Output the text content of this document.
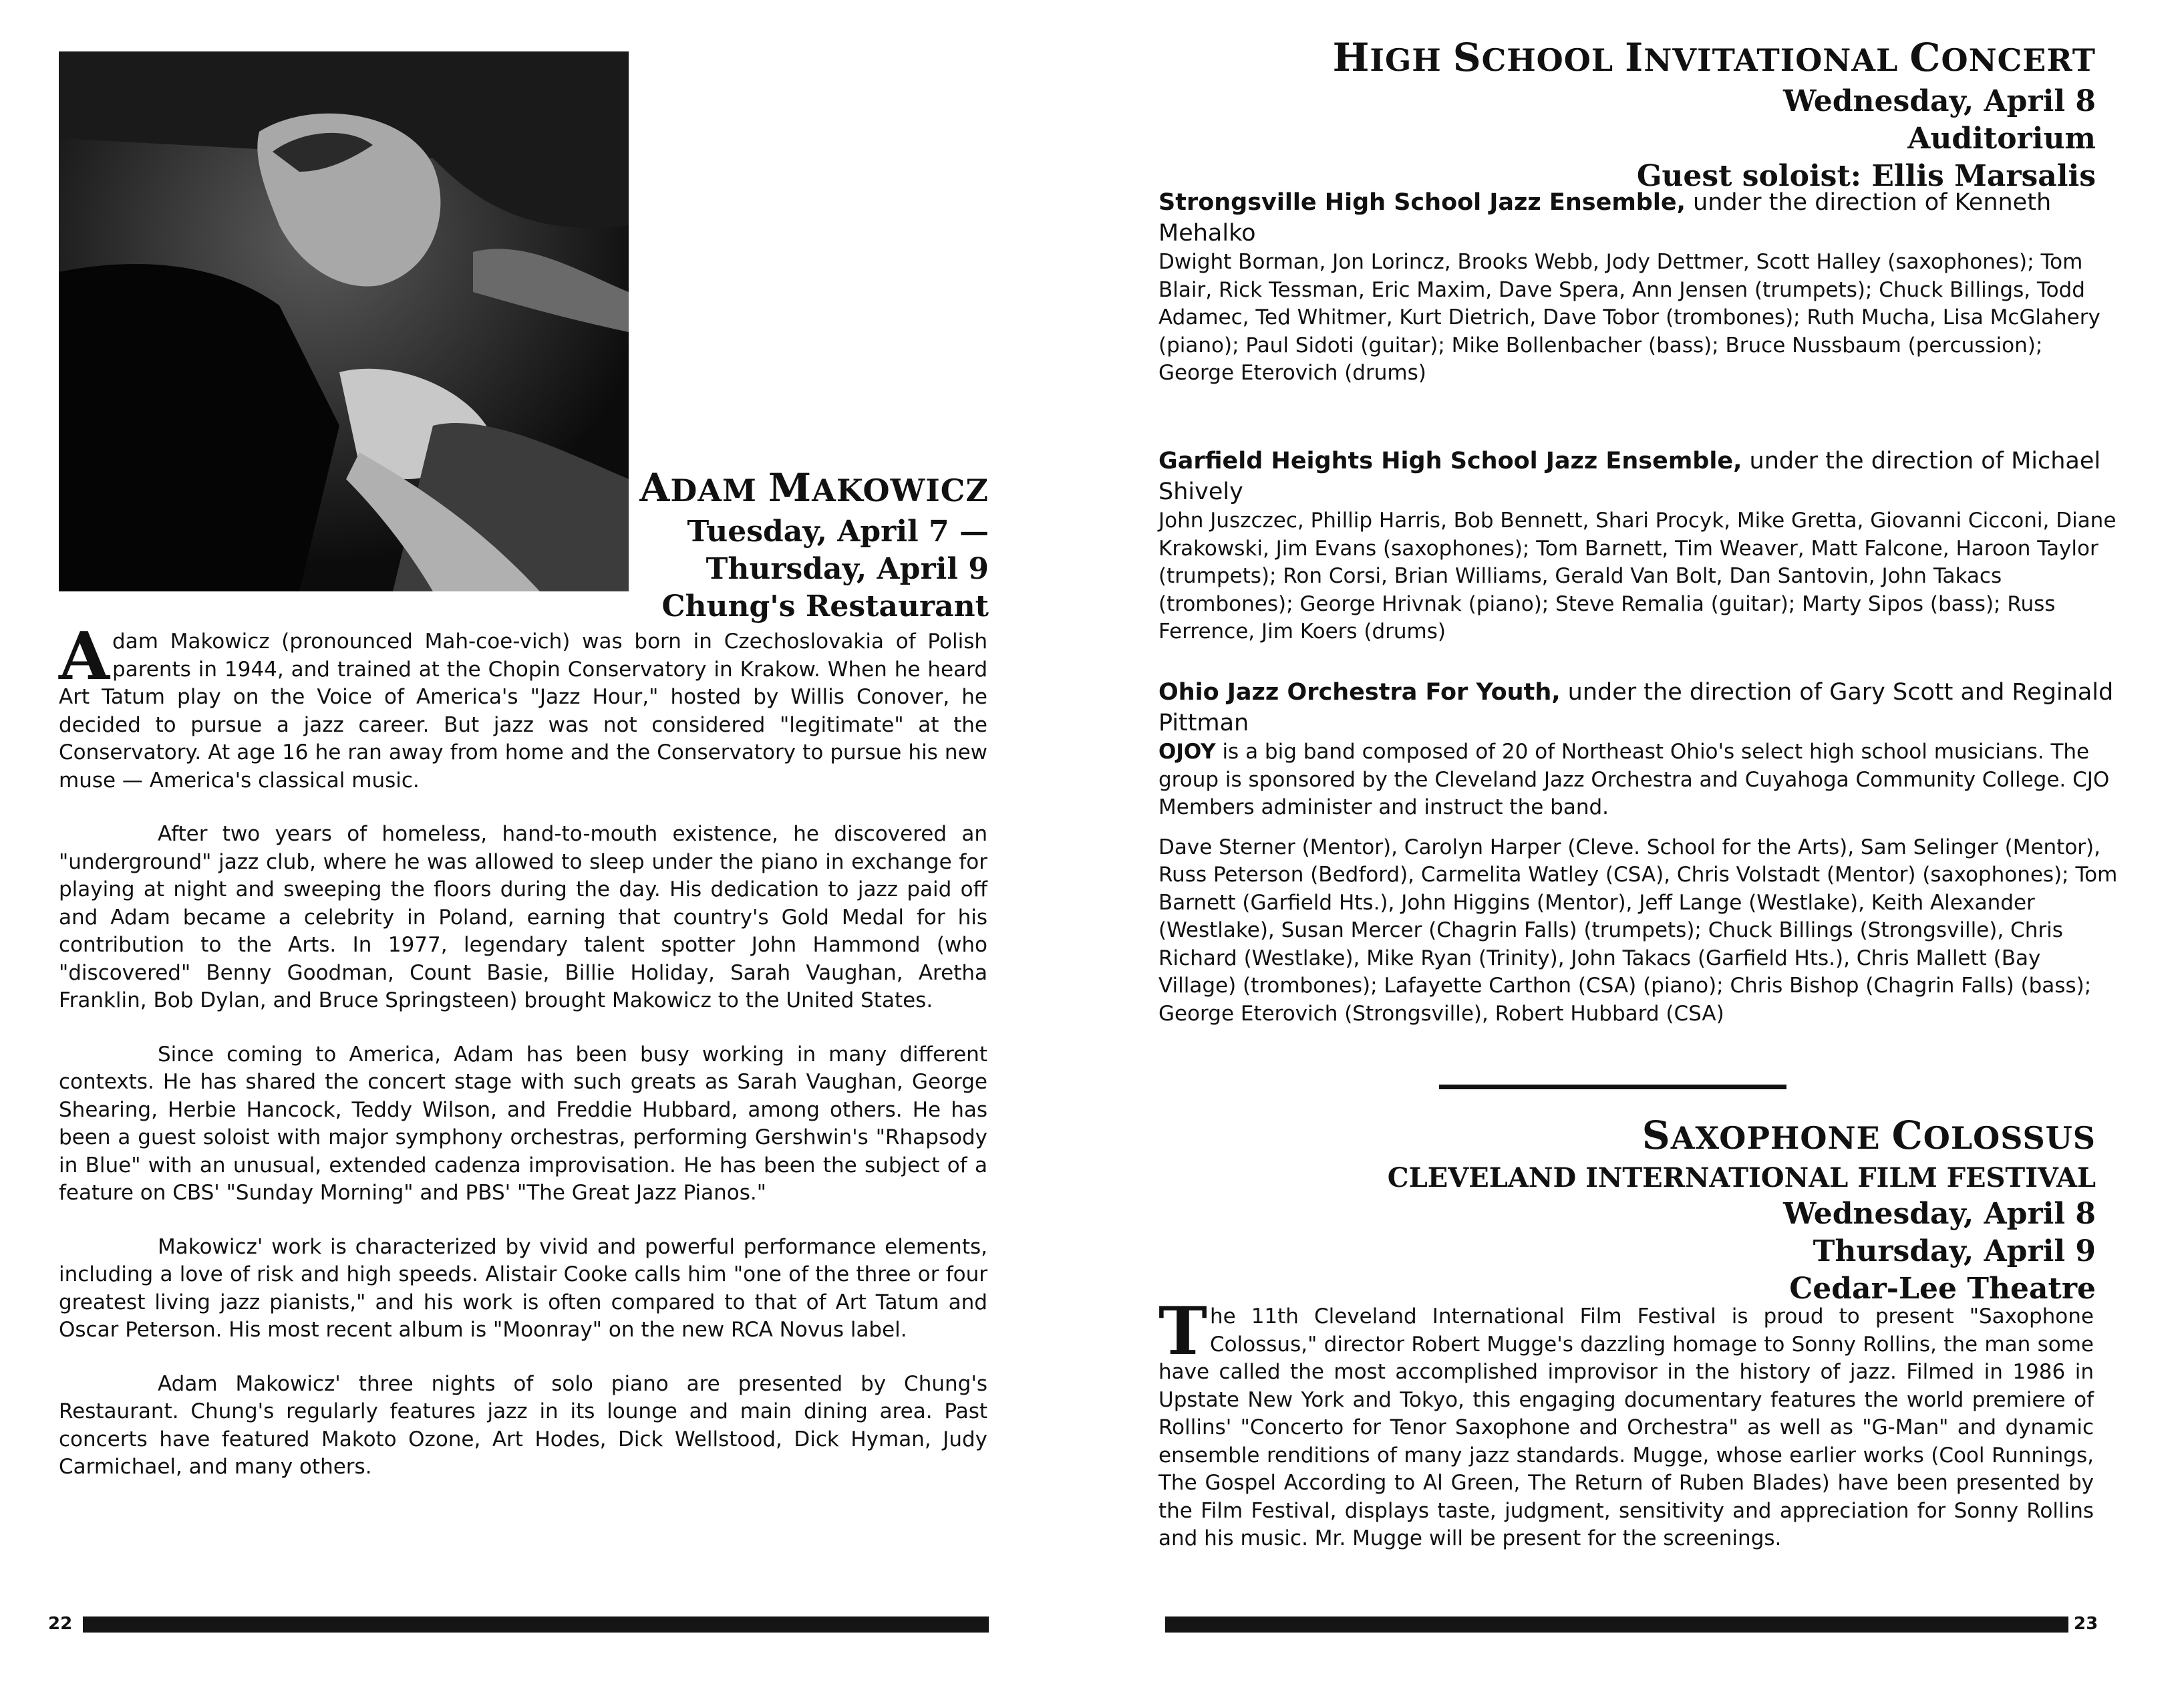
ADAM MAKOWICZ
Tuesday, April 7 —
Thursday, April 9
Chung's Restaurant

Adam Makowicz (pronounced Mah-coe-vich) was born in Czechoslovakia of Polish parents in 1944, and trained at the Chopin Conservatory in Krakow. When he heard Art Tatum play on the Voice of America's "Jazz Hour," hosted by Willis Conover, he decided to pursue a jazz career. But jazz was not considered "legitimate" at the Conservatory. At age 16 he ran away from home and the Conservatory to pursue his new muse — America's classical music.

After two years of homeless, hand-to-mouth existence, he discovered an "underground" jazz club, where he was allowed to sleep under the piano in exchange for playing at night and sweeping the floors during the day. His dedication to jazz paid off and Adam became a celebrity in Poland, earning that country's Gold Medal for his contribution to the Arts. In 1977, legendary talent spotter John Hammond (who "discovered" Benny Goodman, Count Basie, Billie Holiday, Sarah Vaughan, Aretha Franklin, Bob Dylan, and Bruce Springsteen) brought Makowicz to the United States.

Since coming to America, Adam has been busy working in many different contexts. He has shared the concert stage with such greats as Sarah Vaughan, George Shearing, Herbie Hancock, Teddy Wilson, and Freddie Hubbard, among others. He has been a guest soloist with major symphony orchestras, performing Gershwin's "Rhapsody in Blue" with an unusual, extended cadenza improvisation. He has been the subject of a feature on CBS' "Sunday Morning" and PBS' "The Great Jazz Pianos."

Makowicz' work is characterized by vivid and powerful performance elements, including a love of risk and high speeds. Alistair Cooke calls him "one of the three or four greatest living jazz pianists," and his work is often compared to that of Art Tatum and Oscar Peterson. His most recent album is "Moonray" on the new RCA Novus label.

Adam Makowicz' three nights of solo piano are presented by Chung's Restaurant. Chung's regularly features jazz in its lounge and main dining area. Past concerts have featured Makoto Ozone, Art Hodes, Dick Wellstood, Dick Hyman, Judy Carmichael, and many others.

22
HIGH SCHOOL INVITATIONAL CONCERT
Wednesday, April 8
Auditorium
Guest soloist: Ellis Marsalis

Strongsville High School Jazz Ensemble, under the direction of Kenneth Mehalko

Dwight Borman, Jon Lorincz, Brooks Webb, Jody Dettmer, Scott Halley (saxophones); Tom Blair, Rick Tessman, Eric Maxim, Dave Spera, Ann Jensen (trumpets); Chuck Billings, Todd Adamec, Ted Whitmer, Kurt Dietrich, Dave Tobor (trombones); Ruth Mucha, Lisa McGlahery (piano); Paul Sidoti (guitar); Mike Bollenbacher (bass); Bruce Nussbaum (percussion); George Eterovich (drums)

Garfield Heights High School Jazz Ensemble, under the direction of Michael Shively

John Juszczec, Phillip Harris, Bob Bennett, Shari Procyk, Mike Gretta, Giovanni Cicconi, Diane Krakowski, Jim Evans (saxophones); Tom Barnett, Tim Weaver, Matt Falcone, Haroon Taylor (trumpets); Ron Corsi, Brian Williams, Gerald Van Bolt, Dan Santovin, John Takacs (trombones); George Hrivnak (piano); Steve Remalia (guitar); Marty Sipos (bass); Russ Ferrence, Jim Koers (drums)

Ohio Jazz Orchestra For Youth, under the direction of Gary Scott and Reginald Pittman

OJOY is a big band composed of 20 of Northeast Ohio's select high school musicians. The group is sponsored by the Cleveland Jazz Orchestra and Cuyahoga Community College. CJO Members administer and instruct the band.

Dave Sterner (Mentor), Carolyn Harper (Cleve. School for the Arts), Sam Selinger (Mentor), Russ Peterson (Bedford), Carmelita Watley (CSA), Chris Volstadt (Mentor) (saxophones); Tom Barnett (Garfield Hts.), John Higgins (Mentor), Jeff Lange (Westlake), Keith Alexander (Westlake), Susan Mercer (Chagrin Falls) (trumpets); Chuck Billings (Strongsville), Chris Richard (Westlake), Mike Ryan (Trinity), John Takacs (Garfield Hts.), Chris Mallett (Bay Village) (trombones); Lafayette Carthon (CSA) (piano); Chris Bishop (Chagrin Falls) (bass); George Eterovich (Strongsville), Robert Hubbard (CSA)

SAXOPHONE COLOSSUS
CLEVELAND INTERNATIONAL FILM FESTIVAL
Wednesday, April 8
Thursday, April 9
Cedar-Lee Theatre

The 11th Cleveland International Film Festival is proud to present "Saxophone Colossus," director Robert Mugge's dazzling homage to Sonny Rollins, the man some have called the most accomplished improvisor in the history of jazz. Filmed in 1986 in Upstate New York and Tokyo, this engaging documentary features the world premiere of Rollins' "Concerto for Tenor Saxophone and Orchestra" as well as "G-Man" and dynamic ensemble renditions of many jazz standards. Mugge, whose earlier works (Cool Runnings, The Gospel According to Al Green, The Return of Ruben Blades) have been presented by the Film Festival, displays taste, judgment, sensitivity and appreciation for Sonny Rollins and his music. Mr. Mugge will be present for the screenings.

23
